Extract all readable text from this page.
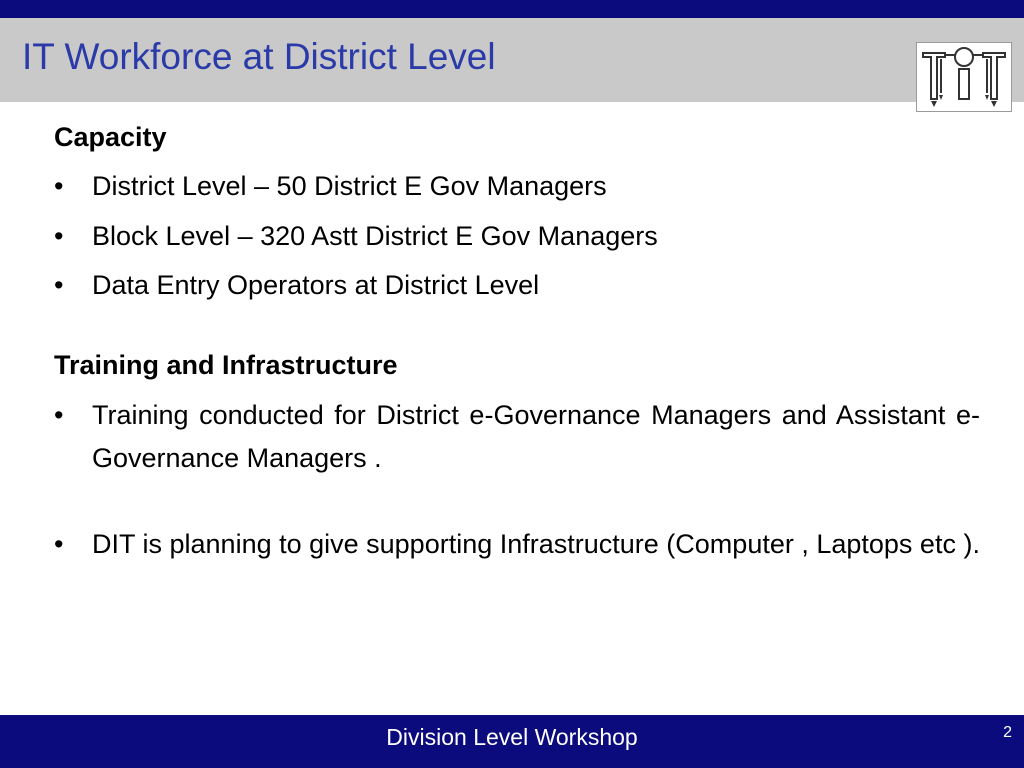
IT Workforce at District Level
Capacity
• District Level – 50 District E Gov Managers
• Block Level – 320 Astt District E Gov Managers
• Data Entry Operators at District Level
Training and Infrastructure
• Training conducted for District e-Governance Managers and Assistant e-Governance Managers .
• DIT is planning to give supporting Infrastructure (Computer , Laptops etc ).
Division Level Workshop	2
